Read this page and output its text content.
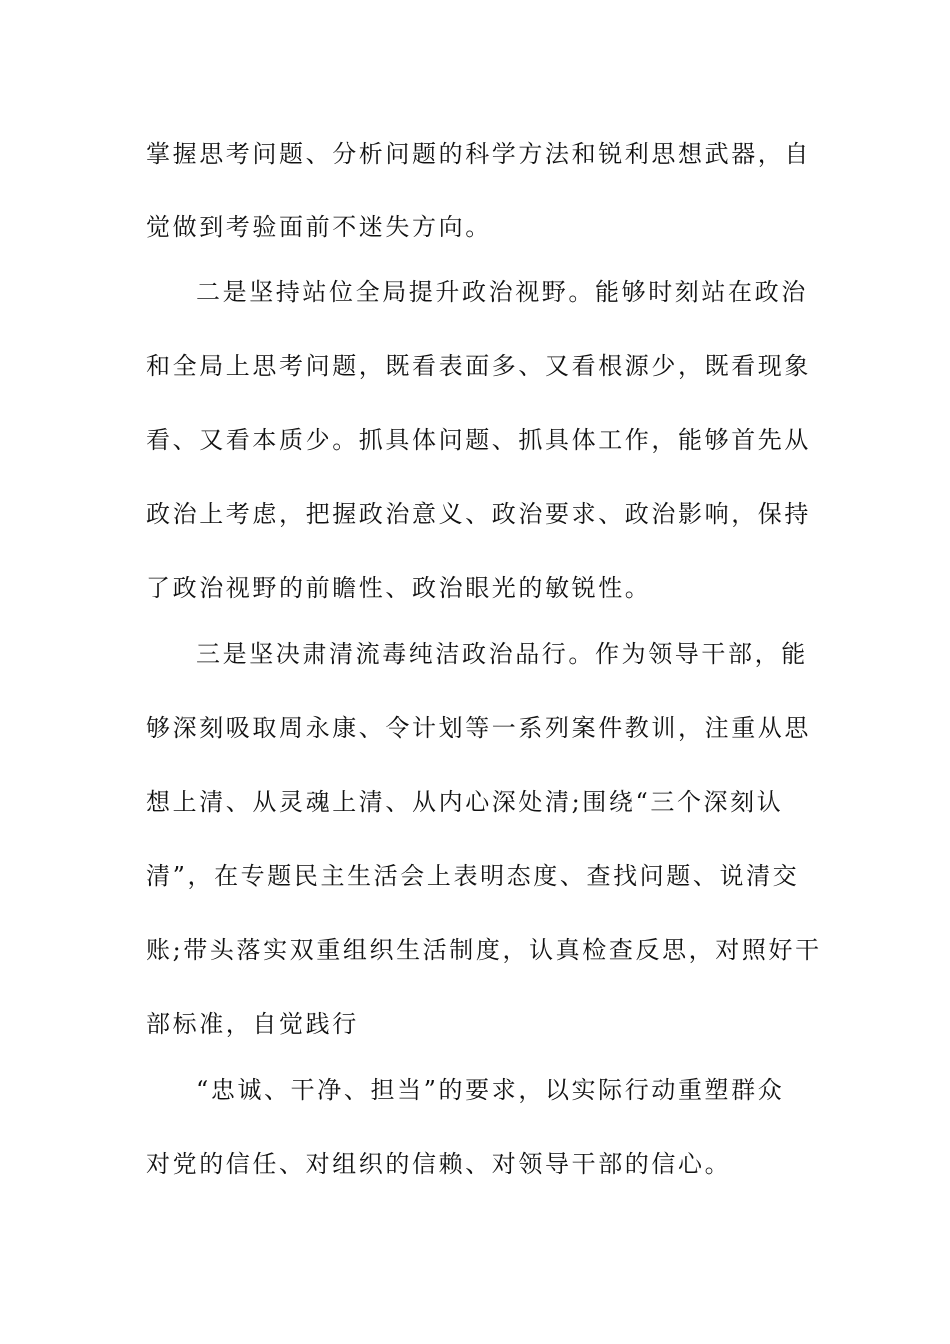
掌握思考问题、分析问题的科学方法和锐利思想武器，自
觉做到考验面前不迷失方向。
二是坚持站位全局提升政治视野。能够时刻站在政治
和全局上思考问题，既看表面多、又看根源少，既看现象
看、又看本质少。抓具体问题、抓具体工作，能够首先从
政治上考虑，把握政治意义、政治要求、政治影响，保持
了政治视野的前瞻性、政治眼光的敏锐性。
三是坚决肃清流毒纯洁政治品行。作为领导干部，能
够深刻吸取周永康、令计划等一系列案件教训，注重从思
想上清、从灵魂上清、从内心深处清;围绕“三个深刻认
清”，在专题民主生活会上表明态度、查找问题、说清交
账;带头落实双重组织生活制度，认真检查反思，对照好干
部标准，自觉践行
“忠诚、干净、担当”的要求，以实际行动重塑群众
对党的信任、对组织的信赖、对领导干部的信心。
